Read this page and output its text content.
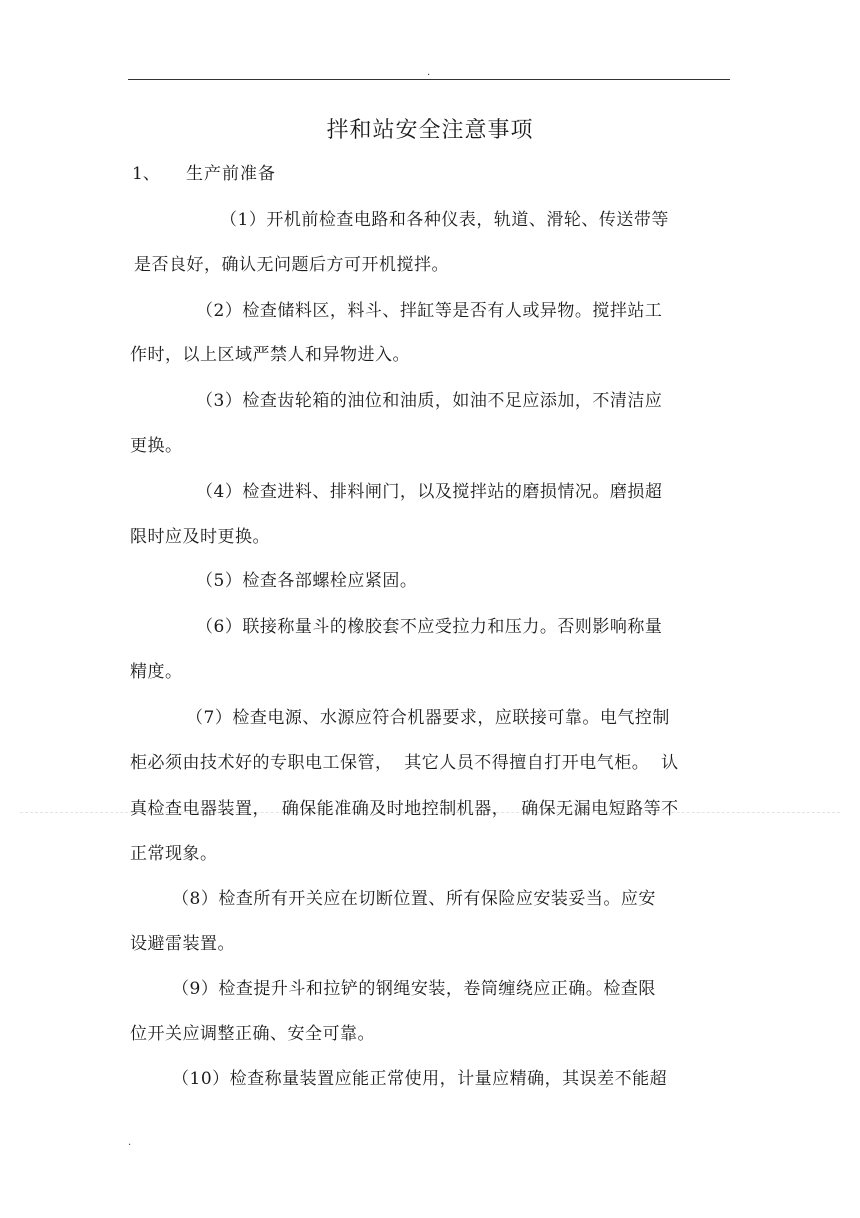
.
拌和站安全注意事项
1、 生产前准备
（1）开机前检查电路和各种仪表，轨道、滑轮、传送带等
是否良好，确认无问题后方可开机搅拌。
（2）检查储料区，料斗、拌缸等是否有人或异物。搅拌站工
作时，以上区域严禁人和异物进入。
（3）检查齿轮箱的油位和油质，如油不足应添加，不清洁应
更换。
（4）检查进料、排料闸门，以及搅拌站的磨损情况。磨损超
限时应及时更换。
（5）检查各部螺栓应紧固。
（6）联接称量斗的橡胶套不应受拉力和压力。否则影响称量
精度。
（7）检查电源、水源应符合机器要求，应联接可靠。电气控制
柜必须由技术好的专职电工保管，  其它人员不得擅自打开电气柜。  认
真检查电器装置，  确保能准确及时地控制机器，  确保无漏电短路等不
正常现象。
（8）检查所有开关应在切断位置、所有保险应安装妥当。应安
设避雷装置。
（9）检查提升斗和拉铲的钢绳安装，卷筒缠绕应正确。检查限
位开关应调整正确、安全可靠。
（10）检查称量装置应能正常使用，计量应精确，其误差不能超
.
